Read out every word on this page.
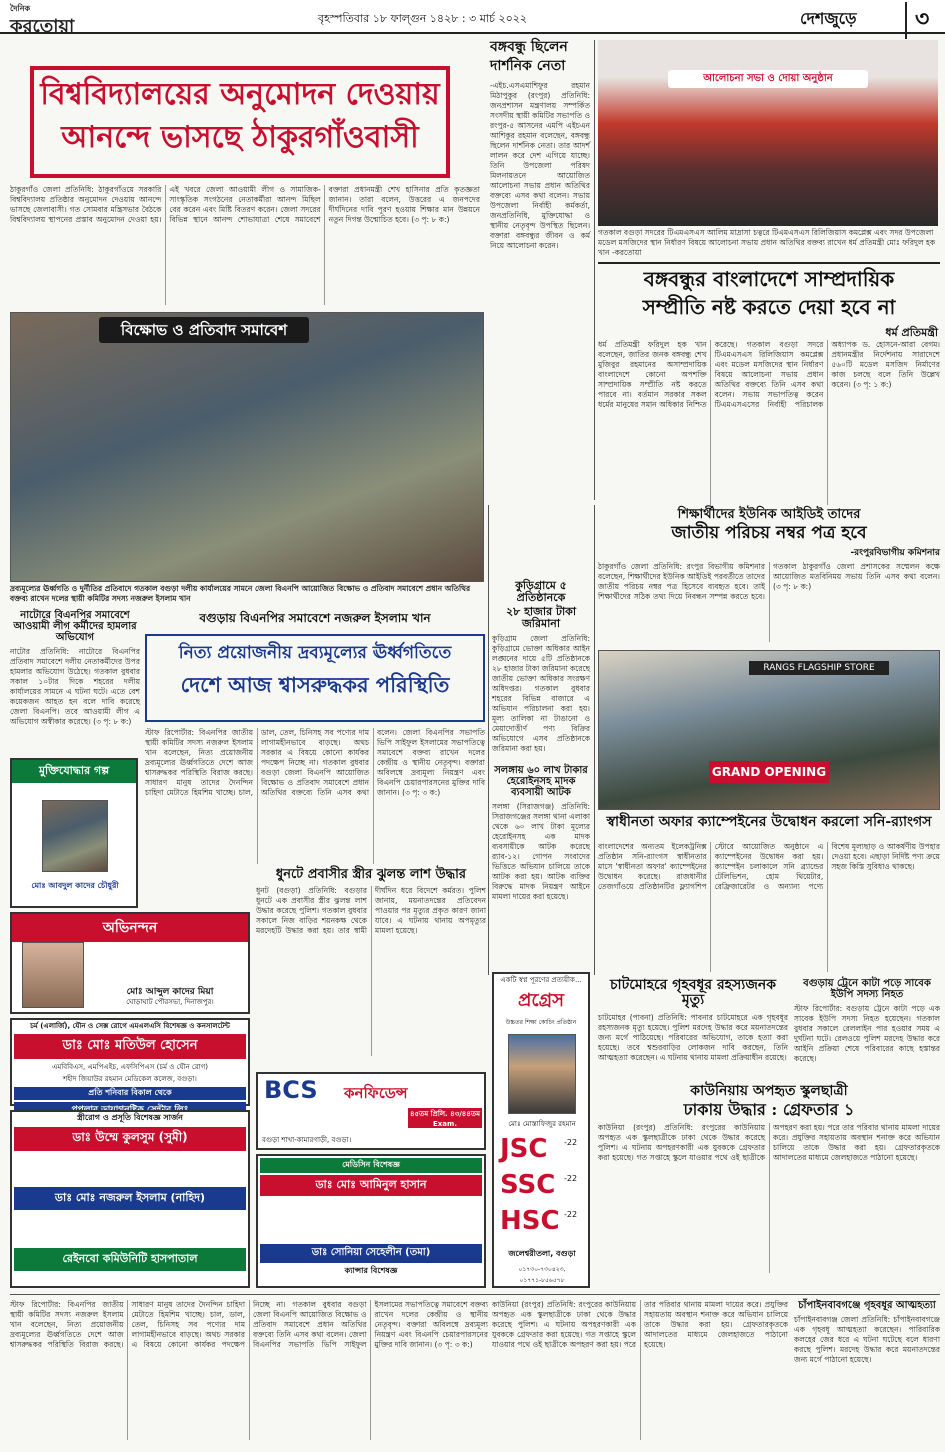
দৈনিক
করতোয়া	বৃহস্পতিবার ১৮ ফাল্গুন ১৪২৮ : ৩ মার্চ ২০২২	দেশজুড়ে	৩
বিশ্ববিদ্যালয়ের অনুমোদন দেওয়ায়
আনন্দে ভাসছে ঠাকুরগাঁওবাসী
ঠাকুরগাঁও জেলা প্রতিনিধি: ঠাকুরগাঁওয়ে সরকারি বিশ্ববিদ্যালয় প্রতিষ্ঠার অনুমোদন দেওয়ায় আনন্দে ভাসছে জেলাবাসী। গত সোমবার মন্ত্রিসভার বৈঠকে বিশ্ববিদ্যালয় স্থাপনের প্রস্তাব অনুমোদন দেওয়া হয়। এই খবরে জেলা আওয়ামী লীগ ও সামাজিক-সাংস্কৃতিক সংগঠনের নেতাকর্মীরা আনন্দ মিছিল বের করেন এবং মিষ্টি বিতরণ করেন। জেলা সদরের বিভিন্ন স্থানে আনন্দ শোভাযাত্রা শেষে সমাবেশে বক্তারা প্রধানমন্ত্রী শেখ হাসিনার প্রতি কৃতজ্ঞতা জানান। তারা বলেন, উত্তরের এ জনপদের দীর্ঘদিনের দাবি পূরণ হওয়ায় শিক্ষার মান উন্নয়নে নতুন দিগন্ত উন্মোচিত হবে। (৩ পৃ: ৮ ক:)
বঙ্গবন্ধু ছিলেন
দার্শনিক নেতা
-এইচ.এসএমাশিফুর রহমান মিঠাপুকুর (রংপুর) প্রতিনিধি: জনপ্রশাসন মন্ত্রণালয় সম্পর্কিত সংসদীয় স্থায়ী কমিটির সভাপতি ও রংপুর-৫ আসনের এমপি এইচএন আশিকুর রহমান বলেছেন, বঙ্গবন্ধু ছিলেন দার্শনিক নেতা। তার আদর্শ লালন করে দেশ এগিয়ে যাচ্ছে। তিনি উপজেলা পরিষদ মিলনায়তনে আয়োজিত আলোচনা সভায় প্রধান অতিথির বক্তব্যে এসব কথা বলেন। সভায় উপজেলা নির্বাহী কর্মকর্তা, জনপ্রতিনিধি, মুক্তিযোদ্ধা ও স্থানীয় নেতৃবৃন্দ উপস্থিত ছিলেন। বক্তারা বঙ্গবন্ধুর জীবন ও কর্ম নিয়ে আলোচনা করেন।
আলোচনা সভা ও দোয়া অনুষ্ঠান
গতকাল বগুড়া সদরের টিএমএসএস আলিম মাদ্রাসা চত্বরে টিএমএসএস রিলিজিয়াস কমপ্লেক্স এবং সদর উপজেলা মডেল মসজিদের স্থান নির্ধারণ বিষয়ে আলোচনা সভায় প্রধান অতিথির বক্তব্য রাখেন ধর্ম প্রতিমন্ত্রী মোঃ ফরিদুল হক খান -করতোয়া
বঙ্গবন্ধুর বাংলাদেশে সাম্প্রদায়িক
সম্প্রীতি নষ্ট করতে দেয়া হবে না
ধর্ম প্রতিমন্ত্রী
ধর্ম প্রতিমন্ত্রী ফরিদুল হক খান বলেছেন, জাতির জনক বঙ্গবন্ধু শেখ মুজিবুর রহমানের অসাম্প্রদায়িক বাংলাদেশে কোনো অপশক্তি সাম্প্রদায়িক সম্প্রীতি নষ্ট করতে পারবে না। বর্তমান সরকার সকল ধর্মের মানুষের সমান অধিকার নিশ্চিত করেছে। গতকাল বগুড়া সদরে টিএমএসএস রিলিজিয়াস কমপ্লেক্স এবং মডেল মসজিদের স্থান নির্ধারণ বিষয়ে আলোচনা সভায় প্রধান অতিথির বক্তব্যে তিনি এসব কথা বলেন। সভায় সভাপতিত্ব করেন টিএমএসএসের নির্বাহী পরিচালক অধ্যাপক ড. হোসনে-আরা বেগম। প্রধানমন্ত্রীর নির্দেশনায় সারাদেশে ৫৬০টি মডেল মসজিদ নির্মাণের কাজ চলছে বলে তিনি উল্লেখ করেন। (৩ পৃ: ১ ক:)
বিক্ষোভ ও প্রতিবাদ সমাবেশ
দ্রব্যমূল্যের ঊর্ধ্বগতি ও দুর্নীতির প্রতিবাদে গতকাল বগুড়া দলীয় কার্যালয়ের সামনে জেলা বিএনপি আয়োজিত বিক্ষোভ ও প্রতিবাদ সমাবেশে প্রধান অতিথির বক্তব্য রাখেন দলের স্থায়ী কমিটির সদস্য নজরুল ইসলাম খান
নাটোরে বিএনপির সমাবেশে আওয়ামী লীগ কর্মীদের হামলার অভিযোগ
নাটোর প্রতিনিধি: নাটোরে বিএনপির প্রতিবাদ সমাবেশে দলীয় নেতাকর্মীদের উপর হামলার অভিযোগ উঠেছে। গতকাল বুধবার সকাল ১০টার দিকে শহরের দলীয় কার্যালয়ের সামনে এ ঘটনা ঘটে। এতে বেশ কয়েকজন আহত হন বলে দাবি করেছে জেলা বিএনপি। তবে আওয়ামী লীগ এ অভিযোগ অস্বীকার করেছে। (৩ পৃ: ৮ ক:)
বগুড়ায় বিএনপির সমাবেশে নজরুল ইসলাম খান
নিত্য প্রয়োজনীয় দ্রব্যমূল্যের ঊর্ধ্বগতিতে
দেশে আজ শ্বাসরুদ্ধকর পরিস্থিতি
স্টাফ রিপোর্টার: বিএনপির জাতীয় স্থায়ী কমিটির সদস্য নজরুল ইসলাম খান বলেছেন, নিত্য প্রয়োজনীয় দ্রব্যমূল্যের ঊর্ধ্বগতিতে দেশে আজ শ্বাসরুদ্ধকর পরিস্থিতি বিরাজ করছে। সাধারণ মানুষ তাদের দৈনন্দিন চাহিদা মেটাতে হিমশিম খাচ্ছে। চাল, ডাল, তেল, চিনিসহ সব পণ্যের দাম লাগামহীনভাবে বাড়ছে। অথচ সরকার এ বিষয়ে কোনো কার্যকর পদক্ষেপ নিচ্ছে না। গতকাল বুধবার বগুড়া জেলা বিএনপি আয়োজিত বিক্ষোভ ও প্রতিবাদ সমাবেশে প্রধান অতিথির বক্তব্যে তিনি এসব কথা বলেন। জেলা বিএনপির সভাপতি ভিপি সাইফুল ইসলামের সভাপতিত্বে সমাবেশে বক্তব্য রাখেন দলের কেন্দ্রীয় ও স্থানীয় নেতৃবৃন্দ। বক্তারা অবিলম্বে দ্রব্যমূল্য নিয়ন্ত্রণ এবং বিএনপি চেয়ারপারসনের মুক্তির দাবি জানান। (৩ পৃ: ৩ ক:)
কুড়িগ্রামে ৫ প্রতিষ্ঠানকে
২৮ হাজার টাকা জরিমানা
কুড়িগ্রাম জেলা প্রতিনিধি: কুড়িগ্রামে ভোক্তা অধিকার আইন লঙ্ঘনের দায়ে ৫টি প্রতিষ্ঠানকে ২৮ হাজার টাকা জরিমানা করেছে জাতীয় ভোক্তা অধিকার সংরক্ষণ অধিদপ্তর। গতকাল বুধবার শহরের বিভিন্ন বাজারে এ অভিযান পরিচালনা করা হয়। মূল্য তালিকা না টাঙানো ও মেয়াদোত্তীর্ণ পণ্য বিক্রির অভিযোগে এসব প্রতিষ্ঠানকে জরিমানা করা হয়।
সলঙ্গায় ৬০ লাখ টাকার হেরোইনসহ মাদক ব্যবসায়ী আটক
সলঙ্গা (সিরাজগঞ্জ) প্রতিনিধি: সিরাজগঞ্জের সলঙ্গা থানা এলাকা থেকে ৬০ লাখ টাকা মূল্যের হেরোইনসহ এক মাদক ব্যবসায়ীকে আটক করেছে র‌্যাব-১২। গোপন সংবাদের ভিত্তিতে অভিযান চালিয়ে তাকে আটক করা হয়। আটক ব্যক্তির বিরুদ্ধে মাদক নিয়ন্ত্রণ আইনে মামলা দায়ের করা হয়েছে।
শিক্ষার্থীদের ইউনিক আইডিই তাদের
জাতীয় পরিচয় নম্বর পত্র হবে
-রংপুরবিভাগীয় কমিশনার
ঠাকুরগাঁও জেলা প্রতিনিধি: রংপুর বিভাগীয় কমিশনার বলেছেন, শিক্ষার্থীদের ইউনিক আইডিই পরবর্তীতে তাদের জাতীয় পরিচয় নম্বর পত্র হিসেবে ব্যবহৃত হবে। তাই শিক্ষার্থীদের সঠিক তথ্য দিয়ে নিবন্ধন সম্পন্ন করতে হবে। গতকাল ঠাকুরগাঁও জেলা প্রশাসকের সম্মেলন কক্ষে আয়োজিত মতবিনিময় সভায় তিনি এসব কথা বলেন। (৩ পৃ: ৮ ক:)
RANGS FLAGSHIP STORE
GRAND OPENING
স্বাধীনতা অফার ক্যাম্পেইনের উদ্বোধন করলো সনি-র‍্যাংগস
বাংলাদেশের অন্যতম ইলেকট্রনিক্স প্রতিষ্ঠান সনি-র‍্যাংগস স্বাধীনতার মাসে 'স্বাধীনতা অফার' ক্যাম্পেইনের উদ্বোধন করেছে। রাজধানীর তেজগাঁওয়ে প্রতিষ্ঠানটির ফ্ল্যাগশিপ স্টোরে আয়োজিত অনুষ্ঠানে এ ক্যাম্পেইনের উদ্বোধন করা হয়। ক্যাম্পেইন চলাকালে সনি ব্র্যান্ডের টেলিভিশন, হোম থিয়েটার, রেফ্রিজারেটর ও অন্যান্য পণ্যে বিশেষ মূল্যছাড় ও আকর্ষণীয় উপহার দেওয়া হবে। এছাড়া নির্দিষ্ট পণ্য ক্রয়ে সহজ কিস্তি সুবিধাও থাকছে।
মুক্তিযোদ্ধার গল্প
মোঃ আবদুল কাদের চৌধুরী
অভিনন্দন
মোঃ আব্দুল কাদের মিয়া
ঘোড়াঘাট পৌরসভা, দিনাজপুর।
চর্ম (এলার্জি), যৌন ও সেক্স রোগে এমএলএসি বিশেষজ্ঞ ও কনসালটেন্ট
ডাঃ মোঃ মতিউল হোসেন
এমবিবিএস, এমপিএইচ, এফসিপিএস (চর্ম ও যৌন রোগ)
শহীদ জিয়াউর রহমান মেডিকেল কলেজ, বগুড়া।
প্রতি শনিবার বিকাল থেকে
স্ত্রীরোগ ও প্রসূতি বিশেষজ্ঞ সার্জন
ডাঃ উম্মে কুলসুম (সুমী)
ডাঃ মোঃ নজরুল ইসলাম (নাহিদ)
রেইনবো কমিউনিটি হাসপাতাল
ধুনটে প্রবাসীর স্ত্রীর ঝুলন্ত লাশ উদ্ধার
ধুনট (বগুড়া) প্রতিনিধি: বগুড়ার ধুনটে এক প্রবাসীর স্ত্রীর ঝুলন্ত লাশ উদ্ধার করেছে পুলিশ। গতকাল বুধবার সকালে নিজ বাড়ির শয়নকক্ষ থেকে মরদেহটি উদ্ধার করা হয়। তার স্বামী দীর্ঘদিন ধরে বিদেশে কর্মরত। পুলিশ জানায়, ময়নাতদন্তের প্রতিবেদন পাওয়ার পর মৃত্যুর প্রকৃত কারণ জানা যাবে। এ ঘটনায় থানায় অপমৃত্যুর মামলা হয়েছে।
BCS কনফিডেন্স
৪৫তম প্রিলি. ৪৩/৪৪তম Exam.
বগুড়া শাখা-কামারগাড়ী, বগুড়া।
মেডিসিন বিশেষজ্ঞ
ডাঃ মোঃ আমিনুল হাসান
ডাঃ সোনিয়া সেহেলীন (তমা)
ক্যান্সার বিশেষজ্ঞ
একটি স্বপ্ন পূরণের প্রত্যয়ীক...
প্রগ্রেস
উচ্চতর শিক্ষা কোচিং প্রতিষ্ঠান
মোঃ মোস্তাফিজুর রহমান
JSC
SSC
HSC
-22
-22
-22
জলেশ্বরীতলা, বগুড়া
০১৭৩০-৭৩০৪২৩, ০১৭৭১-৮৫৬৫৭৮
চাটমোহরে গৃহবধূর রহস্যজনক মৃত্যু
চাটমোহর (পাবনা) প্রতিনিধি: পাবনার চাটমোহরে এক গৃহবধূর রহস্যজনক মৃত্যু হয়েছে। পুলিশ মরদেহ উদ্ধার করে ময়নাতদন্তের জন্য মর্গে পাঠিয়েছে। পরিবারের অভিযোগ, তাকে হত্যা করা হয়েছে। তবে শ্বশুরবাড়ির লোকজন দাবি করছেন, তিনি আত্মহত্যা করেছেন। এ ঘটনায় থানায় মামলা প্রক্রিয়াধীন রয়েছে।
কাউনিয়ায় অপহৃত স্কুলছাত্রী
ঢাকায় উদ্ধার : গ্রেফতার ১
কাউনিয়া (রংপুর) প্রতিনিধি: রংপুরের কাউনিয়ায় অপহৃত এক স্কুলছাত্রীকে ঢাকা থেকে উদ্ধার করেছে পুলিশ। এ ঘটনায় অপহরণকারী এক যুবককে গ্রেফতার করা হয়েছে। গত সপ্তাহে স্কুলে যাওয়ার পথে ওই ছাত্রীকে অপহরণ করা হয়। পরে তার পরিবার থানায় মামলা দায়ের করে। প্রযুক্তির সহায়তায় অবস্থান শনাক্ত করে অভিযান চালিয়ে তাকে উদ্ধার করা হয়। গ্রেফতারকৃতকে আদালতের মাধ্যমে জেলহাজতে পাঠানো হয়েছে।
বগুড়ায় ট্রেনে কাটা পড়ে সাবেক ইউপি সদস্য নিহত
স্টাফ রিপোর্টার: বগুড়ায় ট্রেনে কাটা পড়ে এক সাবেক ইউপি সদস্য নিহত হয়েছেন। গতকাল বুধবার সকালে রেললাইন পার হওয়ার সময় এ দুর্ঘটনা ঘটে। রেলওয়ে পুলিশ মরদেহ উদ্ধার করে আইনি প্রক্রিয়া শেষে পরিবারের কাছে হস্তান্তর করেছে।
চাঁপাইনবাবগঞ্জে গৃহবধূর আত্মহত্যা
চাঁপাইনবাবগঞ্জ জেলা প্রতিনিধি: চাঁপাইনবাবগঞ্জে এক গৃহবধূ আত্মহত্যা করেছেন। পারিবারিক কলহের জের ধরে এ ঘটনা ঘটেছে বলে ধারণা করছে পুলিশ। মরদেহ উদ্ধার করে ময়নাতদন্তের জন্য মর্গে পাঠানো হয়েছে।
স্টাফ রিপোর্টার: বিএনপির জাতীয় স্থায়ী কমিটির সদস্য নজরুল ইসলাম খান বলেছেন, নিত্য প্রয়োজনীয় দ্রব্যমূল্যের ঊর্ধ্বগতিতে দেশে আজ শ্বাসরুদ্ধকর পরিস্থিতি বিরাজ করছে। সাধারণ মানুষ তাদের দৈনন্দিন চাহিদা মেটাতে হিমশিম খাচ্ছে। চাল, ডাল, তেল, চিনিসহ সব পণ্যের দাম লাগামহীনভাবে বাড়ছে। অথচ সরকার এ বিষয়ে কোনো কার্যকর পদক্ষেপ নিচ্ছে না। গতকাল বুধবার বগুড়া জেলা বিএনপি আয়োজিত বিক্ষোভ ও প্রতিবাদ সমাবেশে প্রধান অতিথির বক্তব্যে তিনি এসব কথা বলেন। জেলা বিএনপির সভাপতি ভিপি সাইফুল ইসলামের সভাপতিত্বে সমাবেশে বক্তব্য রাখেন দলের কেন্দ্রীয় ও স্থানীয় নেতৃবৃন্দ। বক্তারা অবিলম্বে দ্রব্যমূল্য নিয়ন্ত্রণ এবং বিএনপি চেয়ারপারসনের মুক্তির দাবি জানান। (৩ পৃ: ৩ ক:)
কাউনিয়া (রংপুর) প্রতিনিধি: রংপুরের কাউনিয়ায় অপহৃত এক স্কুলছাত্রীকে ঢাকা থেকে উদ্ধার করেছে পুলিশ। এ ঘটনায় অপহরণকারী এক যুবককে গ্রেফতার করা হয়েছে। গত সপ্তাহে স্কুলে যাওয়ার পথে ওই ছাত্রীকে অপহরণ করা হয়। পরে তার পরিবার থানায় মামলা দায়ের করে। প্রযুক্তির সহায়তায় অবস্থান শনাক্ত করে অভিযান চালিয়ে তাকে উদ্ধার করা হয়। গ্রেফতারকৃতকে আদালতের মাধ্যমে জেলহাজতে পাঠানো হয়েছে।
